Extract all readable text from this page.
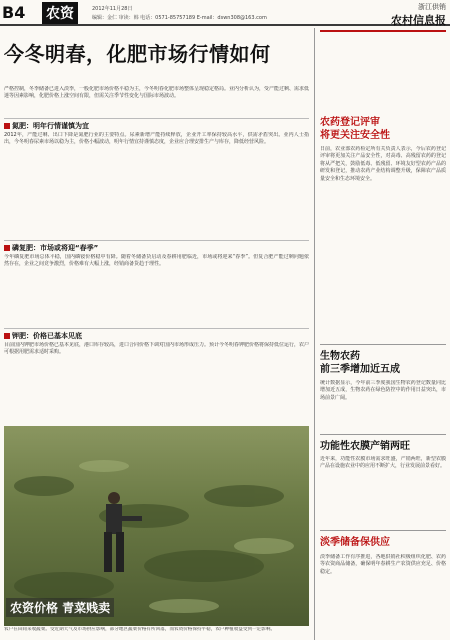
B4 农资	2012年11月28日
编辑：金仁 审读：韩 电话：0571-85757189 E-mail：dswn308@163.com
浙江供销
农村信息报
今冬明春，化肥市场行情如何
严格控制，冬季储备已进入淡季，一般化肥市场价格平稳为主，今冬明春化肥市场整体呈现稳定格局。业内分析认为，受产能过剩、需求低迷等因素影响，化肥价格上涨空间有限，但需关注季节性变化与国际市场波动。
氮肥：明年行情谨慎为宜
2012年，产能过剩、出口下降是氮肥行业的主要特点。尿素新增产能持续释放，企业开工率保持较高水平，供需矛盾突出。业内人士指出，今冬明春尿素市场以稳为主，价格小幅波动，明年行情宜持谨慎态度，企业应合理安排生产与库存，降低经营风险。
磷复肥：市场或将迎“春季”
今年磷复肥市场总体平稳，国内磷铵价格稳中有降。随着冬储备货启动及春耕用肥临近，市场或将迎来“春季”。但复合肥产能过剩问题依然存在，企业之间竞争激烈，价格难有大幅上涨，经销商备货趋于理性。
钾肥：价格已基本见底
目前国内钾肥市场价格已基本见底，港口库存较高，进口合同价格下调对国内市场形成压力。预计今冬明春钾肥价格将保持低位运行，农户可根据用肥需求适时采购。
农资价格 青菜贱卖
农户在田间采收蔬菜。受近期天气及市场供应影响，部分地区蔬菜价格有所回落，而农资价格保持平稳，农户种植收益受到一定影响。
农药登记评审
将更关注安全性
日前，农业部农药检定所有关负责人表示，今后农药登记评审将更加关注产品安全性，对高毒、高残留农药的登记将从严把关，鼓励低毒、低残留、环境友好型农药产品的研发和登记，推动农药产业结构调整升级，保障农产品质量安全和生态环境安全。
生物农药
前三季增加近五成
统计数据显示，今年前三季度我国生物农药登记数量同比增加近五成，生物农药在绿色防控中的作用日益突出，市场前景广阔。
功能性农膜产销两旺
近年来，功能性农膜市场需求旺盛，产销两旺，新型农膜产品在设施农业中的应用不断扩大，行业发展前景看好。
淡季储备保供应
淡季储备工作有序推进，各地供销社积极组织化肥、农药等农资商品储备，确保明年春耕生产农资供应充足、价格稳定。
